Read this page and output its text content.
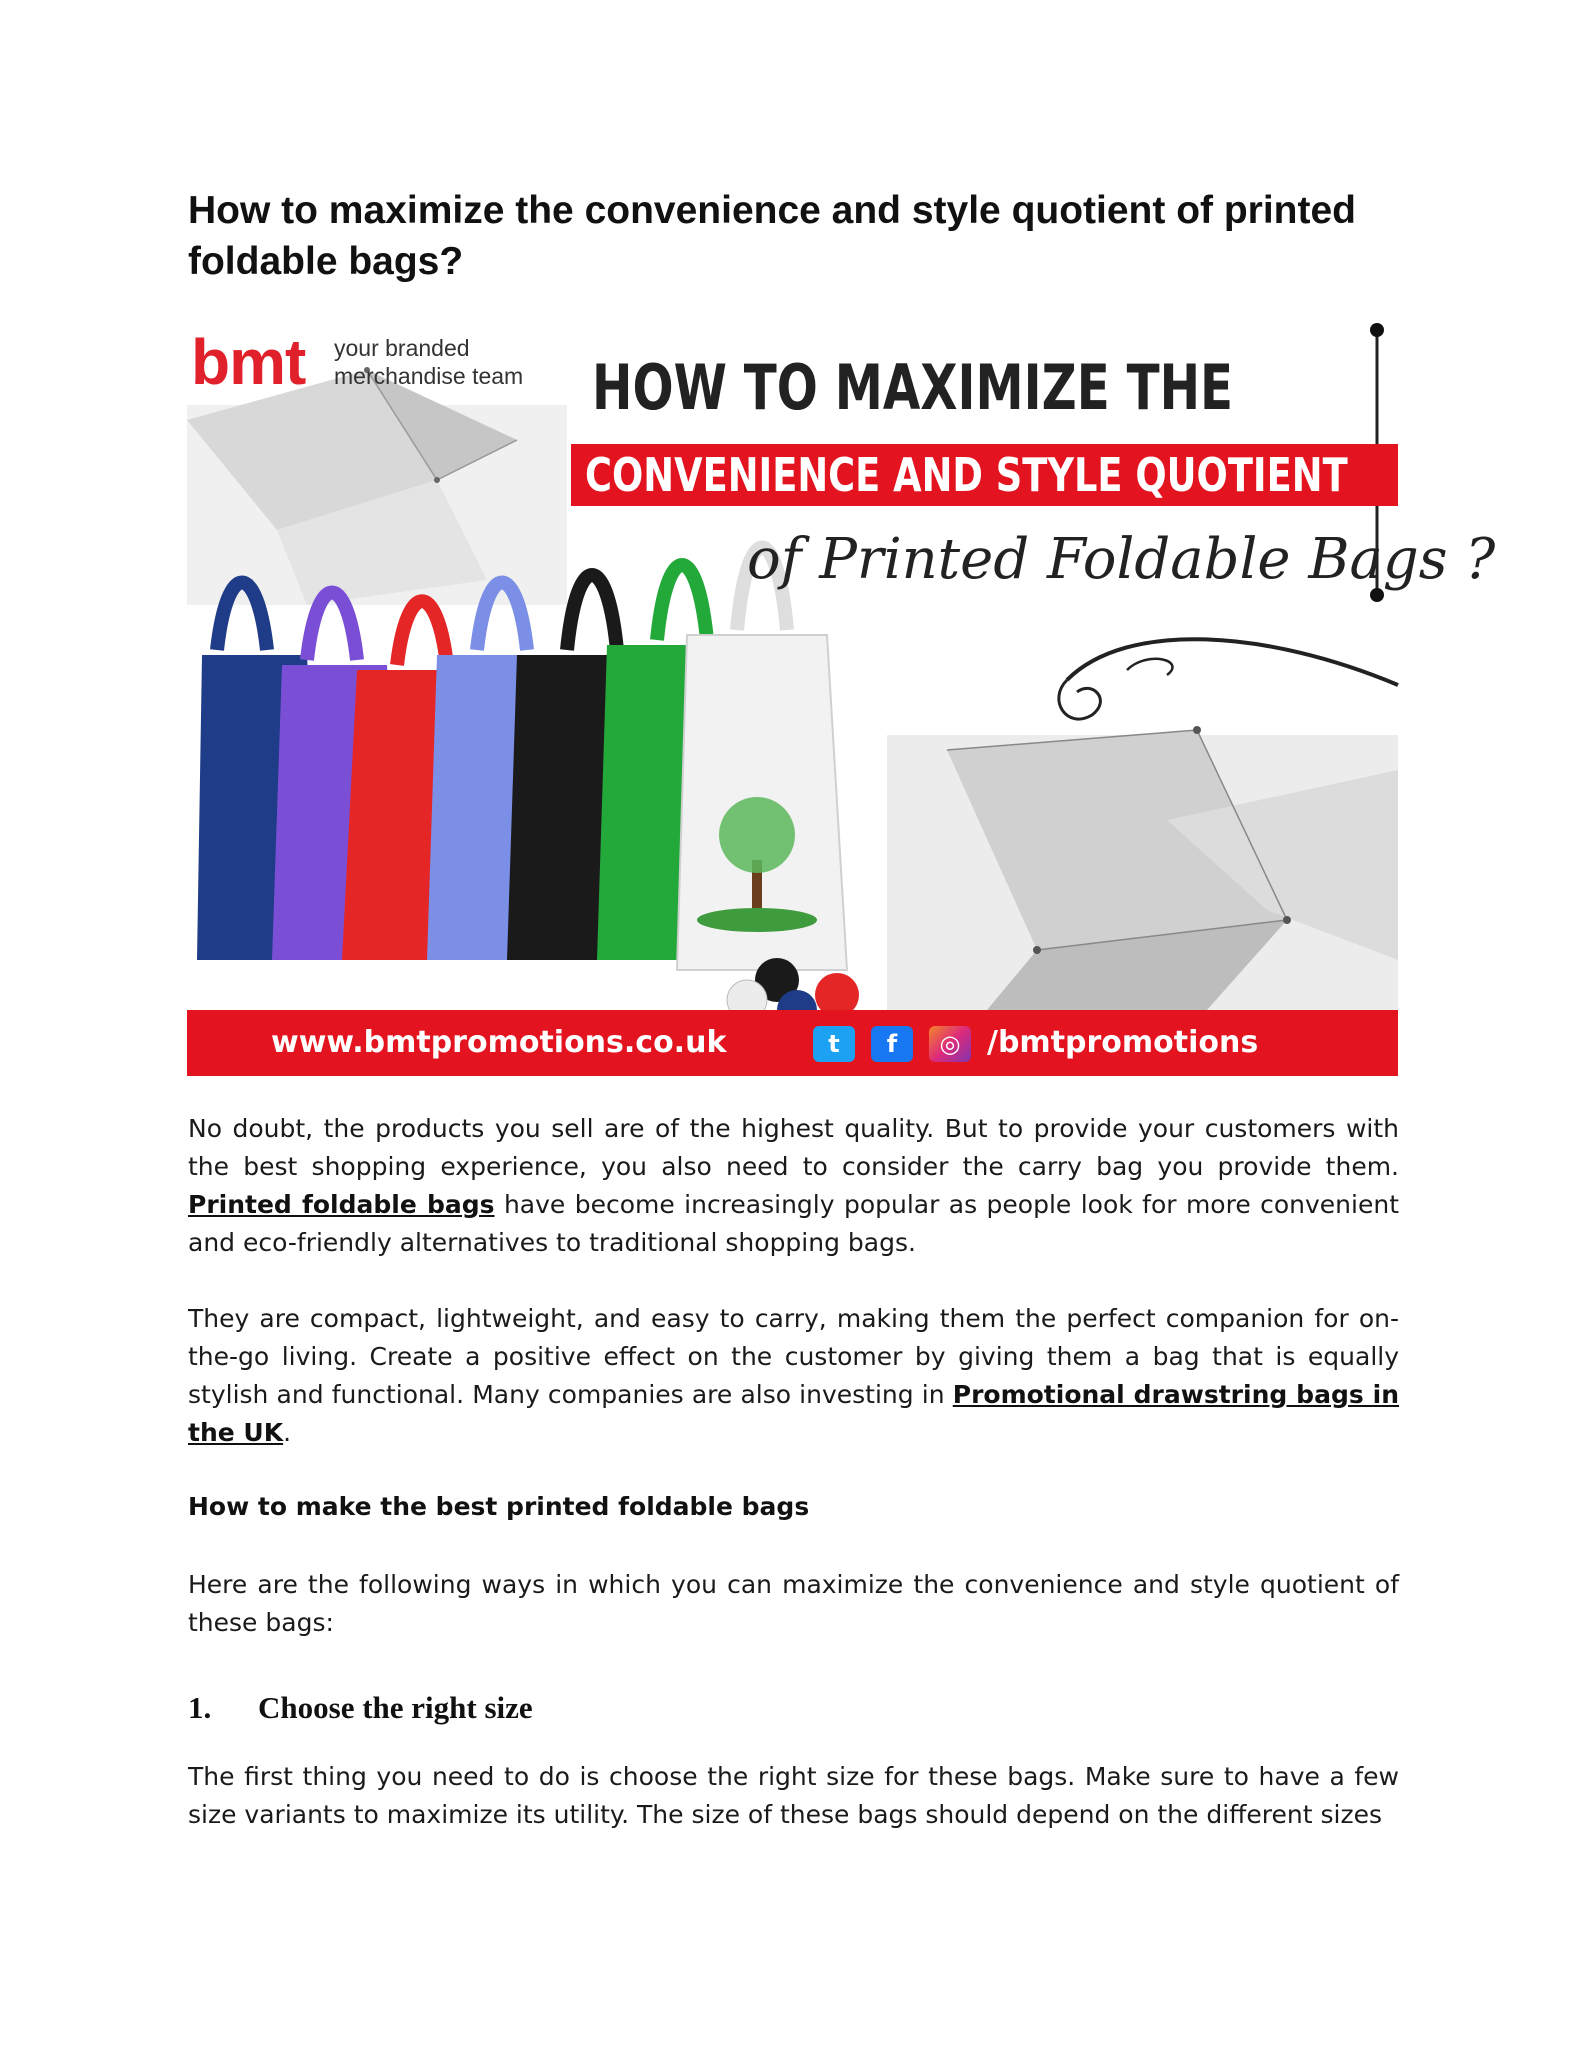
How to maximize the convenience and style quotient of printed foldable bags?
bmt your branded
merchandise team HOW TO MAXIMIZE THE
CONVENIENCE AND STYLE QUOTIENT
of Printed Foldable Bags ?
www.bmtpromotions.co.uk	t	f	◎ /bmtpromotions

No doubt, the products you sell are of the highest quality. But to provide your customers with the best shopping experience, you also need to consider the carry bag you provide them. Printed foldable bags have become increasingly popular as people look for more convenient and eco-friendly alternatives to traditional shopping bags.

They are compact, lightweight, and easy to carry, making them the perfect companion for on-the-go living. Create a positive effect on the customer by giving them a bag that is equally stylish and functional. Many companies are also investing in Promotional drawstring bags in the UK.

How to make the best printed foldable bags

Here are the following ways in which you can maximize the convenience and style quotient of these bags:

1. Choose the right size

The first thing you need to do is choose the right size for these bags. Make sure to have a few size variants to maximize its utility. The size of these bags should depend on the different sizes
